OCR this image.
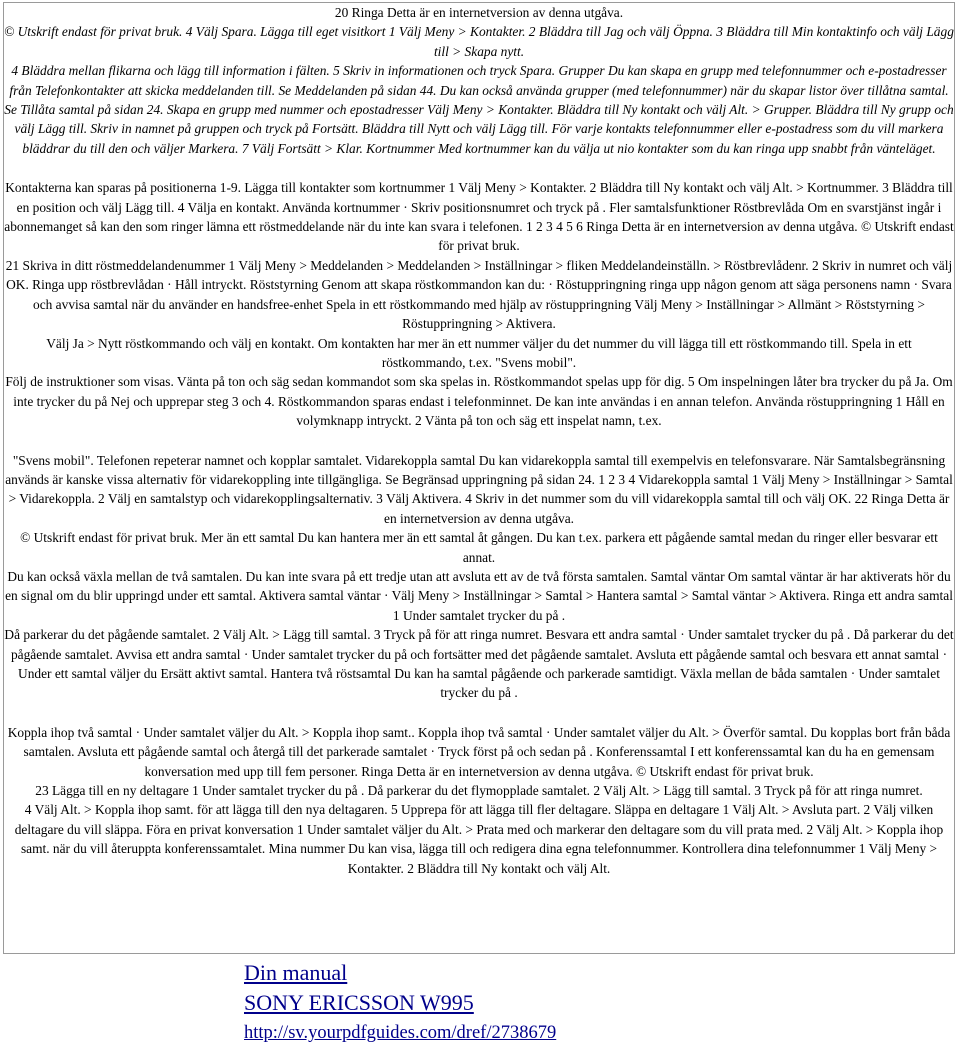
20 Ringa Detta är en internetversion av denna utgåva.

© Utskrift endast för privat bruk. 4 Välj Spara. Lägga till eget visitkort 1 Välj Meny > Kontakter. 2 Bläddra till Jag och välj Öppna. 3 Bläddra till Min kontaktinfo och välj Lägg till > Skapa nytt.

4 Bläddra mellan flikarna och lägg till information i fälten. 5 Skriv in informationen och tryck Spara. Grupper Du kan skapa en grupp med telefonnummer och e-postadresser från Telefonkontakter att skicka meddelanden till. Se Meddelanden på sidan 44. Du kan också använda grupper (med telefonnummer) när du skapar listor över tillåtna samtal.

Se Tillåta samtal på sidan 24. Skapa en grupp med nummer och epostadresser Välj Meny > Kontakter. Bläddra till Ny kontakt och välj Alt. > Grupper. Bläddra till Ny grupp och välj Lägg till. Skriv in namnet på gruppen och tryck på Fortsätt. Bläddra till Nytt och välj Lägg till. För varje kontakts telefonnummer eller e-postadress som du vill markera bläddrar du till den och väljer Markera. 7 Välj Fortsätt > Klar. Kortnummer Med kortnummer kan du välja ut nio kontakter som du kan ringa upp snabbt från vänteläget.

Kontakterna kan sparas på positionerna 1-9. Lägga till kontakter som kortnummer 1 Välj Meny > Kontakter. 2 Bläddra till Ny kontakt och välj Alt. > Kortnummer. 3 Bläddra till en position och välj Lägg till. 4 Välja en kontakt. Använda kortnummer · Skriv positionsnumret och tryck på . Fler samtalsfunktioner Röstbrevlåda Om en svarstjänst ingår i abonnemanget så kan den som ringer lämna ett röstmeddelande när du inte kan svara i telefonen. 1 2 3 4 5 6 Ringa Detta är en internetversion av denna utgåva. © Utskrift endast för privat bruk.

21 Skriva in ditt röstmeddelandenummer 1 Välj Meny > Meddelanden > Meddelanden > Inställningar > fliken Meddelandeinställn. > Röstbrevlådenr. 2 Skriv in numret och välj OK. Ringa upp röstbrevlådan · Håll intryckt. Röststyrning Genom att skapa röstkommandon kan du: · Röstuppringning ringa upp någon genom att säga personens namn · Svara och avvisa samtal när du använder en handsfree-enhet Spela in ett röstkommando med hjälp av röstuppringning Välj Meny > Inställningar > Allmänt > Röststyrning > Röstuppringning > Aktivera.

Välj Ja > Nytt röstkommando och välj en kontakt. Om kontakten har mer än ett nummer väljer du det nummer du vill lägga till ett röstkommando till. Spela in ett röstkommando, t.ex. "Svens mobil".

Följ de instruktioner som visas. Vänta på ton och säg sedan kommandot som ska spelas in. Röstkommandot spelas upp för dig. 5 Om inspelningen låter bra trycker du på Ja. Om inte trycker du på Nej och upprepar steg 3 och 4. Röstkommandon sparas endast i telefonminnet. De kan inte användas i en annan telefon. Använda röstuppringning 1 Håll en volymknapp intryckt. 2 Vänta på ton och säg ett inspelat namn, t.ex.

"Svens mobil". Telefonen repeterar namnet och kopplar samtalet. Vidarekoppla samtal Du kan vidarekoppla samtal till exempelvis en telefonsvarare. När Samtalsbegränsning används är kanske vissa alternativ för vidarekoppling inte tillgängliga. Se Begränsad uppringning på sidan 24. 1 2 3 4 Vidarekoppla samtal 1 Välj Meny > Inställningar > Samtal > Vidarekoppla. 2 Välj en samtalstyp och vidarekopplingsalternativ. 3 Välj Aktivera. 4 Skriv in det nummer som du vill vidarekoppla samtal till och välj OK. 22 Ringa Detta är en internetversion av denna utgåva.

© Utskrift endast för privat bruk. Mer än ett samtal Du kan hantera mer än ett samtal åt gången. Du kan t.ex. parkera ett pågående samtal medan du ringer eller besvarar ett annat.

Du kan också växla mellan de två samtalen. Du kan inte svara på ett tredje utan att avsluta ett av de två första samtalen. Samtal väntar Om samtal väntar är har aktiverats hör du en signal om du blir uppringd under ett samtal. Aktivera samtal väntar · Välj Meny > Inställningar > Samtal > Hantera samtal > Samtal väntar > Aktivera. Ringa ett andra samtal 1 Under samtalet trycker du på .

Då parkerar du det pågående samtalet. 2 Välj Alt. > Lägg till samtal. 3 Tryck på för att ringa numret. Besvara ett andra samtal · Under samtalet trycker du på . Då parkerar du det pågående samtalet. Avvisa ett andra samtal · Under samtalet trycker du på och fortsätter med det pågående samtalet. Avsluta ett pågående samtal och besvara ett annat samtal · Under ett samtal väljer du Ersätt aktivt samtal. Hantera två röstsamtal Du kan ha samtal pågående och parkerade samtidigt. Växla mellan de båda samtalen · Under samtalet trycker du på .

Koppla ihop två samtal · Under samtalet väljer du Alt. > Koppla ihop samt.. Koppla ihop två samtal · Under samtalet väljer du Alt. > Överför samtal. Du kopplas bort från båda samtalen. Avsluta ett pågående samtal och återgå till det parkerade samtalet · Tryck först på och sedan på . Konferenssamtal I ett konferenssamtal kan du ha en gemensam konversation med upp till fem personer. Ringa Detta är en internetversion av denna utgåva. © Utskrift endast för privat bruk.

23 Lägga till en ny deltagare 1 Under samtalet trycker du på . Då parkerar du det flymopplade samtalet. 2 Välj Alt. > Lägg till samtal. 3 Tryck på för att ringa numret.

4 Välj Alt. > Koppla ihop samt. för att lägga till den nya deltagaren. 5 Upprepa för att lägga till fler deltagare. Släppa en deltagare 1 Välj Alt. > Avsluta part. 2 Välj vilken deltagare du vill släppa. Föra en privat konversation 1 Under samtalet väljer du Alt. > Prata med och markerar den deltagare som du vill prata med. 2 Välj Alt. > Koppla ihop samt. när du vill återuppta konferenssamtalet. Mina nummer Du kan visa, lägga till och redigera dina egna telefonnummer. Kontrollera dina telefonnummer 1 Välj Meny > Kontakter. 2 Bläddra till Ny kontakt och välj Alt.

Din manual
SONY ERICSSON W995
http://sv.yourpdfguides.com/dref/2738679
